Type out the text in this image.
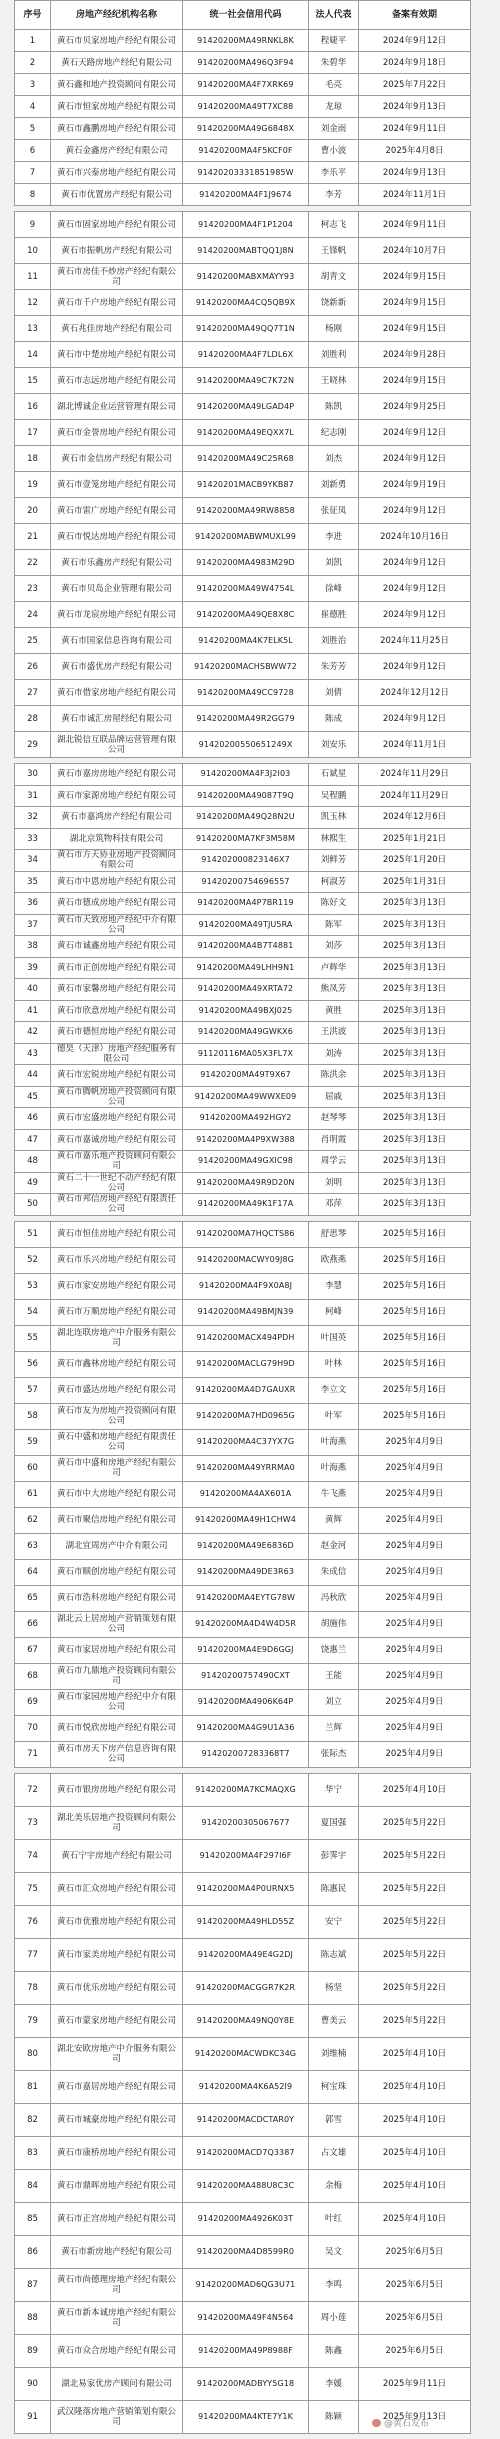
序号	房地产经纪机构名称	统一社会信用代码	法人代表	备案有效期
1	黄石市贝家房地产经纪有限公司	91420200MA49RNKL8K	程婕平	2024年9月12日
2	黄石天路房地产经纪有限公司	91420200MA496Q3F94	朱碧华	2024年9月18日
3	黄石鑫和地产投资顾问有限公司	91420200MA4F7XRK69	毛亮	2025年7月22日
4	黄石市恒家房地产经纪有限公司	91420200MA49T7XC88	龙琼	2024年9月13日
5	黄石市鑫鹏房地产经纪有限公司	91420200MA49G6848X	刘金雨	2024年9月11日
6	黄石金鑫房产经纪有限公司	91420200MA4F5KCF0F	曹小波	2025年4月8日
7	黄石市兴泰房地产经纪有限公司	91420203331851985W	李乐平	2024年9月13日
8	黄石市优置房产经纪有限公司	91420200MA4F1J9674	李芳	2024年11月1日
9	黄石市固家房地产经纪有限公司	91420200MA4F1P1204	柯志飞	2024年9月11日
10	黄石市振帆房产经纪有限公司	91420200MABTQQ1J8N	王锋帆	2024年10月7日
11	黄石市房佳不炒房产经纪有限公司	91420200MABXMAYY93	胡青文	2024年9月15日
12	黄石市千户房地产经纪有限公司	91420200MA4CQ5QB9X	饶新新	2024年9月15日
13	黄石兆佳房地产经纪有限公司	91420200MA49QQ7T1N	杨刚	2024年9月15日
14	黄石市中楚房地产经纪有限公司	91420200MA4F7LDL6X	刘胜利	2024年9月28日
15	黄石市志远房地产经纪有限公司	91420200MA49C7K72N	王晓林	2024年9月15日
16	湖北博诚企业运营管理有限公司	91420200MA49LGAD4P	陈凯	2024年9月25日
17	黄石市金誉房地产经纪有限公司	91420200MA49EQXX7L	纪志刚	2024年9月12日
18	黄石市金信房产经纪有限公司	91420200MA49C25R68	刘杰	2024年9月12日
19	黄石市壹笼房地产经纪有限公司	91420201MACB9YKB87	刘新勇	2024年9月19日
20	黄石市雷广房地产经纪有限公司	91420200MA49RW8858	张征凤	2024年9月12日
21	黄石市悦达房地产经纪有限公司	91420200MABWMUXL99	李进	2024年10月16日
22	黄石市乐鑫房产经纪有限公司	91420200MA4983M29D	刘凯	2024年9月12日
23	黄石市贝岛企业管理有限公司	91420200MA49W4754L	徐峰	2024年9月12日
24	黄石市龙宸房地产经纪有限公司	91420200MA49QE8X8C	崔德胜	2024年9月12日
25	黄石市国家信息咨询有限公司	91420200MA4K7ELK5L	刘胜治	2024年11月25日
26	黄石市盛优房产经纪有限公司	91420200MACHSBWW72	朱芳芳	2024年9月12日
27	黄石市借家房地产经纪有限公司	91420200MA49CC9728	刘倩	2024年12月12日
28	黄石市诚汇房屋经纪有限公司	91420200MA49R2GG79	陈成	2024年9月12日
29	湖北锐信互联品牌运营管理有限公司	91420200550651249X	刘安乐	2024年11月1日
30	黄石市嘉房房地产经纪有限公司	91420200MA4F3J2I03	石斌星	2024年11月29日
31	黄石市家源房地产经纪有限公司	91420200MA49087T9Q	吴程鹏	2024年11月29日
32	黄石市嘉鸿房产经纪有限公司	91420200MA49Q28N2U	凯玉林	2024年12月6日
33	湖北京筑物科技有限公司	91420200MA7KF3M58M	林熙生	2025年1月21日
34	黄石市方天协业房地产投资顾问有限公司	914202000823146X7	刘鲜芳	2025年1月20日
35	黄石市中恩房地产经纪有限公司	91420200754696557	柯淑芳	2025年1月31日
36	黄石市德成房地产经纪有限公司	91420200MA4P7BR119	陈好文	2025年3月13日
37	黄石市天致房地产经纪中介有限公司	91420200MA49TJU5RA	陈军	2025年3月13日
38	黄石市诚鑫房地产经纪有限公司	91420200MA4B7T4881	刘莎	2025年3月13日
39	黄石市正创房地产经纪有限公司	91420200MA49LHH9N1	卢辉华	2025年3月13日
40	黄石市家馨房地产经纪有限公司	91420200MA49XRTA72	熊凤芳	2025年3月13日
41	黄石市欣意房地产经纪有限公司	91420200MA49BXJ025	黄胜	2025年3月13日
42	黄石市德恒房地产经纪有限公司	91420200MA49GWKX6	王洪波	2025年3月13日
43	德昊（天津）房地产经纪服务有限公司	91120116MA05X3FL7X	刘涛	2025年3月13日
44	黄石市宏锐房地产经纪有限公司	91420200MA49T9X67	陈洪余	2025年3月13日
45	黄石市腾帆房地产投资顾问有限公司	91420200MA49WWXE09	屈戚	2025年3月13日
46	黄石市宏盛房地产经纪有限公司	91420200MA492HGY2	赵琴琴	2025年3月13日
47	黄石市嘉诚房地产经纪有限公司	91420200MA4P9XW388	肖明霞	2025年3月13日
48	黄石市嘉乐地产投资顾问有限公司	91420200MA49GXIC98	周学云	2025年3月13日
49	黄石二十一世纪不动产经纪有限公司	91420200MA49R9D20N	刘明	2025年3月13日
50	黄石市邦信房地产经纪有限责任公司	91420200MA49K1F17A	邓萍	2025年3月13日
51	黄石市恒佳房地产经纪有限公司	91420200MA7HQCTS86	舒思琴	2025年5月16日
52	黄石市乐兴房地产经纪有限公司	91420200MACWY09J8G	欧燕燕	2025年5月16日
53	黄石市家安房地产经纪有限公司	91420200MA4F9X0A8J	李慧	2025年5月16日
54	黄石市万顺房地产经纪有限公司	91420200MA49BMJN39	柯峰	2025年5月16日
55	湖北连联房地产中介服务有限公司	91420200MACX494PDH	叶国英	2025年5月16日
56	黄石市鑫林房地产经纪有限公司	91420200MACLG79H9D	叶林	2025年5月16日
57	黄石市盛达房地产经纪有限公司	91420200MA4D7GAUXR	李立文	2025年5月16日
58	黄石市友为房地产投资顾问有限公司	91420200MA7HD0965G	叶军	2025年5月16日
59	黄石中盛和房地产经纪有限责任公司	91420200MA4C37YX7G	叶海燕	2025年4月9日
60	黄石市中盛和房地产经纪有限公司	91420200MA49YRRMA0	叶海燕	2025年4月9日
61	黄石市中大房地产经纪有限公司	91420200MA4AX601A	牛飞燕	2025年4月9日
62	黄石市聚信房地产经纪有限公司	91420200MA49H1CHW4	黄辉	2025年4月9日
63	湖北宜周房产中介有限公司	91420200MA49E6836D	赵金河	2025年4月9日
64	黄石市顺创房地产经纪有限公司	91420200MA49DE3R63	朱成信	2025年4月9日
65	黄石市浩科房地产经纪有限公司	91420200MA4EYTG78W	冯秋欣	2025年4月9日
66	湖北云上居房地产营销策划有限公司	91420200MA4D4W4D5R	胡施伟	2025年4月9日
67	黄石市家居房地产经纪有限公司	91420200MA4E9D6GGJ	饶惠兰	2025年4月9日
68	黄石市九鼎地产投资顾问有限公司	91420200757490CXT	王能	2025年4月9日
69	黄石市家园房地产经纪中介有限公司	91420200MA4906K64P	刘立	2025年4月9日
70	黄石市悦欣房地产经纪有限公司	91420200MA4G9U1A36	兰辉	2025年4月9日
71	黄石市房天下房产信息咨询有限公司	914202007283368T7	张际杰	2025年4月9日
72	黄石市银房房地产经纪有限公司	91420200MA7KCMAQXG	华宁	2025年4月10日
73	湖北美乐居地产投资顾问有限公司	91420200305067677	夏国强	2025年5月22日
74	黄石宁宇房地产经纪有限公司	91420200MA4F297I6F	彭霁宇	2025年5月22日
75	黄石市汇众房地产经纪有限公司	91420200MA4P0URNX5	陈惠民	2025年5月22日
76	黄石市优雅房地产经纪有限公司	91420200MA49HLD55Z	安宁	2025年5月22日
77	黄石市家美房地产经纪有限公司	91420200MA49E4G2DJ	陈志斌	2025年5月22日
78	黄石市优乐房地产经纪有限公司	91420200MACGGR7K2R	杨坚	2025年5月22日
79	黄石市蒙家房地产经纪有限公司	91420200MA49NQ0Y8E	曹美云	2025年5月22日
80	湖北安欧房地产中介服务有限公司	91420200MACWDKC34G	刘维楠	2025年4月10日
81	黄石市嘉居房地产经纪有限公司	91420200MA4K6A52I9	柯宝珠	2025年4月10日
82	黄石市城豪房地产经纪有限公司	91420200MACDCTAR0Y	郭雪	2025年4月10日
83	黄石市康桥房地产经纪有限公司	91420200MACD7Q3387	占文雄	2025年4月10日
84	黄石市鼎晖房地产经纪有限公司	91420200MA488U8C3C	余梅	2025年4月10日
85	黄石市正宫房地产经纪有限公司	91420200MA4926K03T	叶红	2025年4月10日
86	黄石市新房地产经纪有限公司	91420200MA4D8599R0	吴文	2025年6月5日
87	黄石市尚德理房地产经纪有限公司	91420200MAD6QG3U71	李鸣	2025年6月5日
88	黄石市新本诚房地产经纪有限公司	91420200MA49F4N564	周小莲	2025年6月5日
89	黄石市众合房地产经纪有限公司	91420200MA49P8988F	陈鑫	2025年6月5日
90	湖北易家优房产顾问有限公司	91420200MADBYY5G18	李媛	2025年9月11日
91	武汉隆落房地产营销策划有限公司	91420200MA4KTE7Y1K	陈颖	2025年9月13日
@黄石发布
